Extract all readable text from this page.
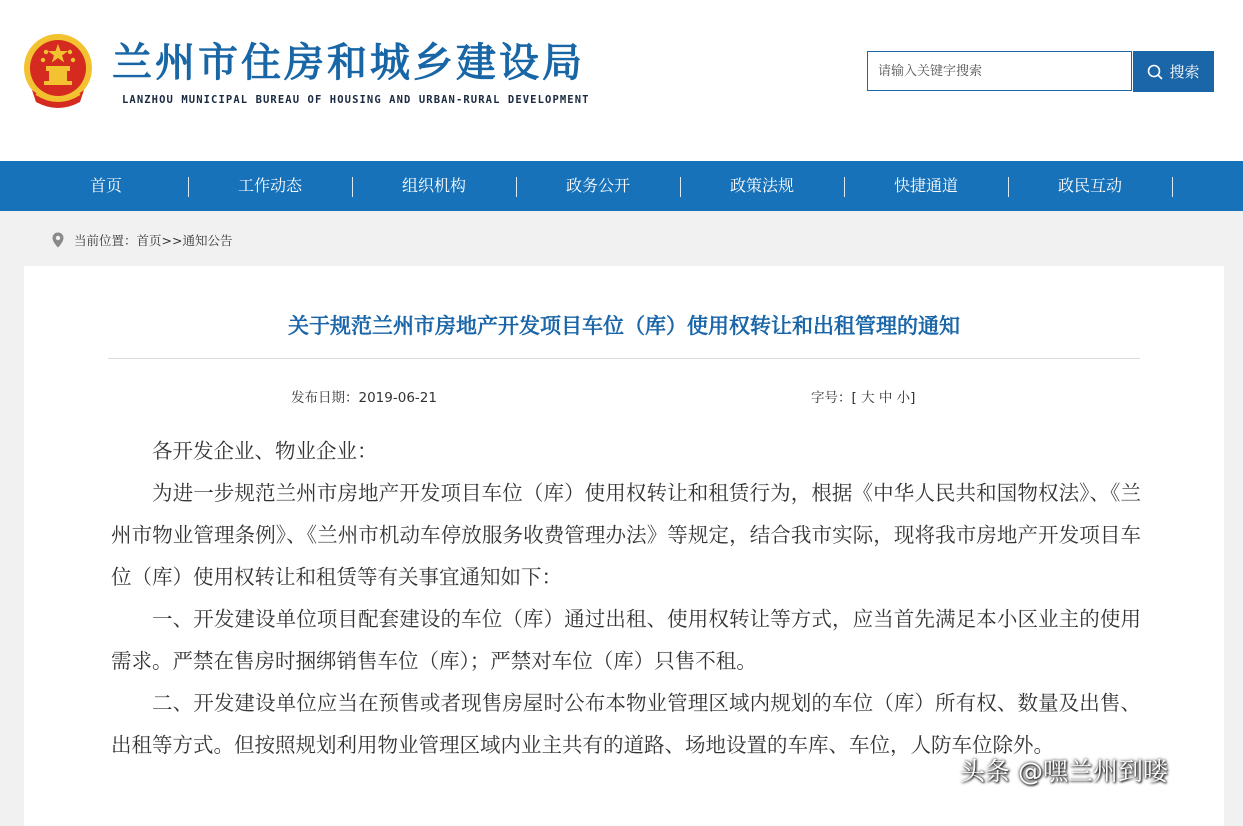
兰州市住房和城乡建设局
LANZHOU MUNICIPAL BUREAU OF HOUSING AND URBAN-RURAL DEVELOPMENT
请输入关键字搜索
搜索
首页	工作动态	组织机构	政务公开	政策法规	快捷通道	政民互动
当前位置： 首页 >> 通知公告
关于规范兰州市房地产开发项目车位（库）使用权转让和出租管理的通知
发布日期：2019-06-21	字号：[ 大 中 小]

各开发企业、物业企业：

为进一步规范兰州市房地产开发项目车位（库）使用权转让和租赁行为，根据《中华人民共和国物权法》、《兰州市物业管理条例》、《兰州市机动车停放服务收费管理办法》等规定，结合我市实际，现将我市房地产开发项目车位（库）使用权转让和租赁等有关事宜通知如下：

一、开发建设单位项目配套建设的车位（库）通过出租、使用权转让等方式，应当首先满足本小区业主的使用需求。严禁在售房时捆绑销售车位（库）；严禁对车位（库）只售不租。

二、开发建设单位应当在预售或者现售房屋时公布本物业管理区域内规划的车位（库）所有权、数量及出售、出租等方式。但按照规划利用物业管理区域内业主共有的道路、场地设置的车库、车位，人防车位除外。

头条 @嘿兰州到喽
